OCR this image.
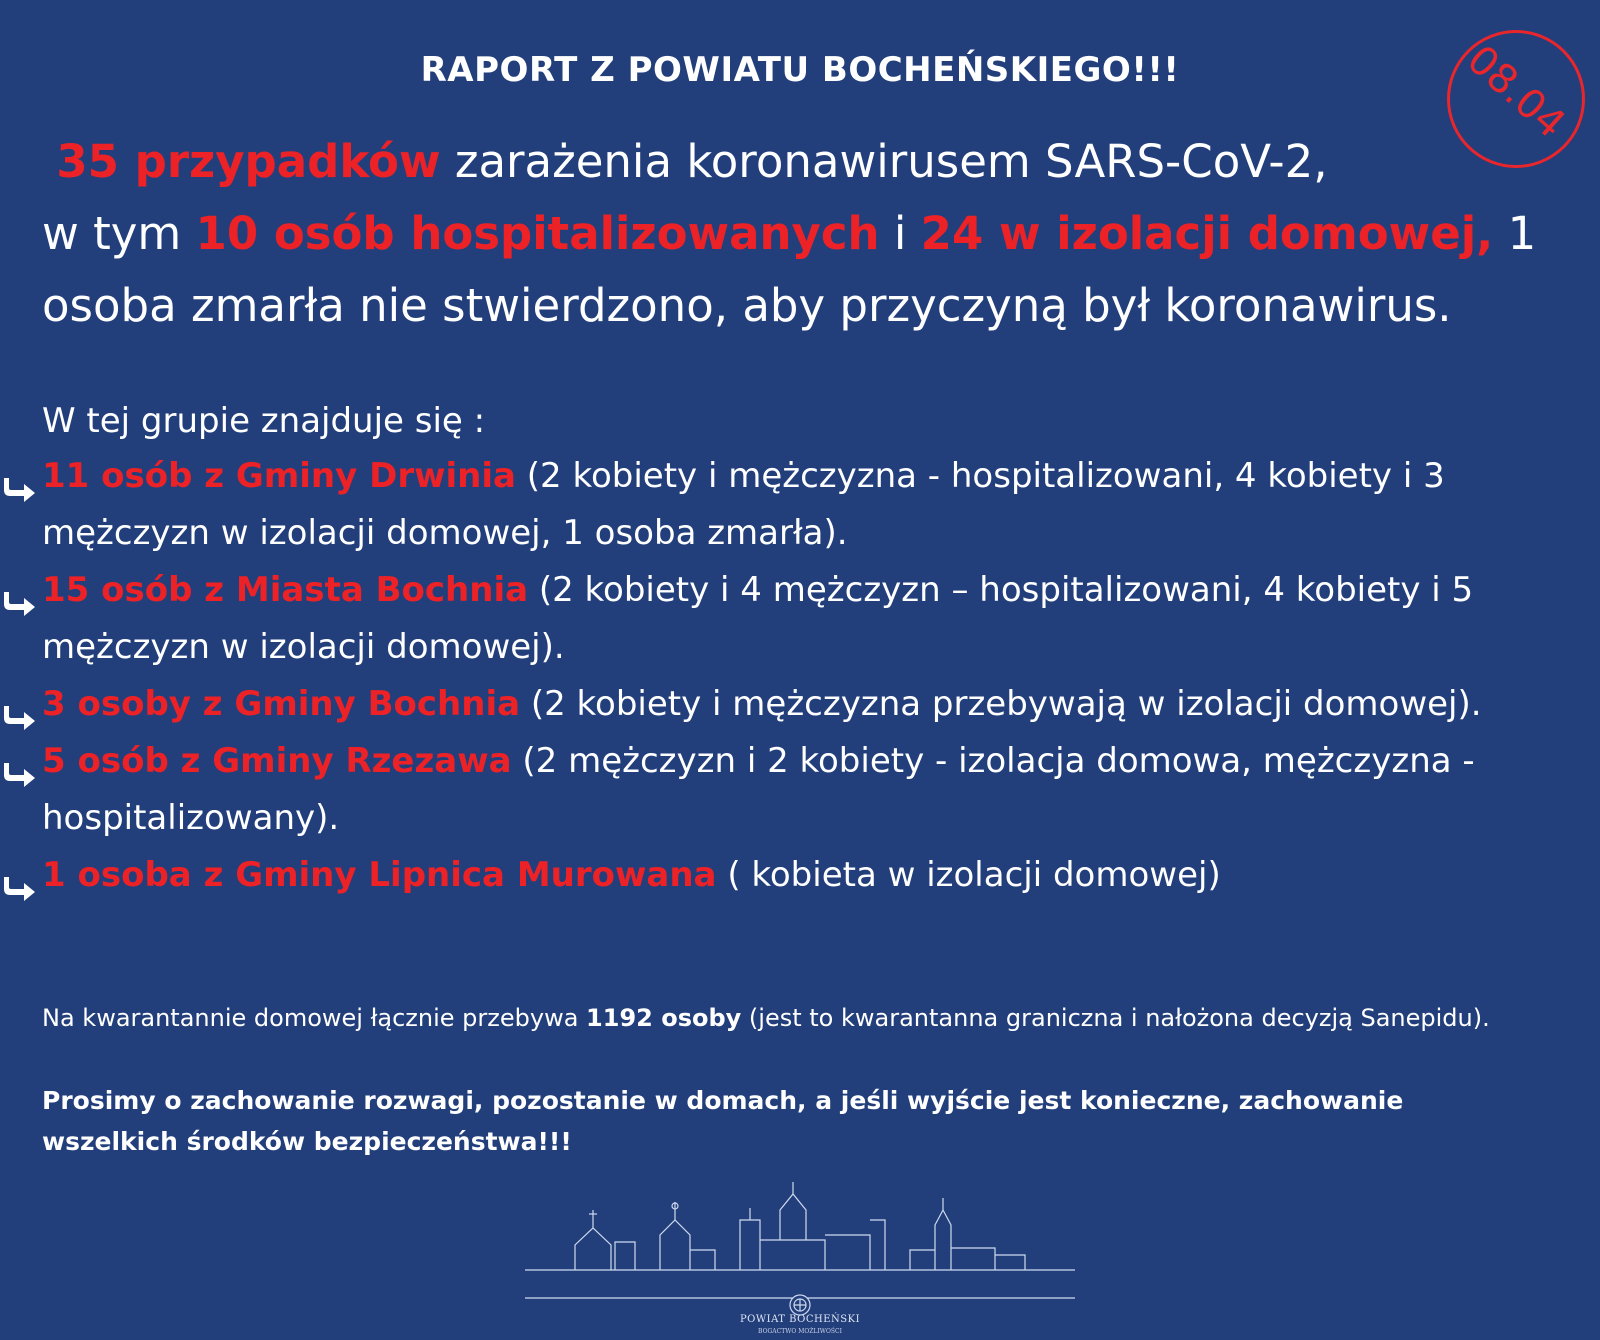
RAPORT Z POWIATU BOCHEŃSKIEGO!!!	08.04
35 przypadków zarażenia koronawirusem SARS-CoV-2,
w tym 10 osób hospitalizowanych i 24 w izolacji domowej, 1
osoba zmarła nie stwierdzono, aby przyczyną był koronawirus.
W tej grupie znajduje się :
11 osób z Gminy Drwinia (2 kobiety i mężczyzna - hospitalizowani, 4 kobiety i 3 mężczyzn w izolacji domowej, 1 osoba zmarła).
15 osób z Miasta Bochnia (2 kobiety i 4 mężczyzn – hospitalizowani, 4 kobiety i 5 mężczyzn w izolacji domowej).
3 osoby z Gminy Bochnia (2 kobiety i mężczyzna przebywają w izolacji domowej).
5 osób z Gminy Rzezawa (2 mężczyzn i 2 kobiety - izolacja domowa, mężczyzna - hospitalizowany).
1 osoba z Gminy Lipnica Murowana ( kobieta w izolacji domowej)
Na kwarantannie domowej łącznie przebywa 1192 osoby (jest to kwarantanna graniczna i nałożona decyzją Sanepidu).
Prosimy o zachowanie rozwagi, pozostanie w domach, a jeśli wyjście jest konieczne, zachowanie wszelkich środków bezpieczeństwa!!!
POWIAT BOCHEŃSKI
BOGACTWO MOŻLIWOŚCI
